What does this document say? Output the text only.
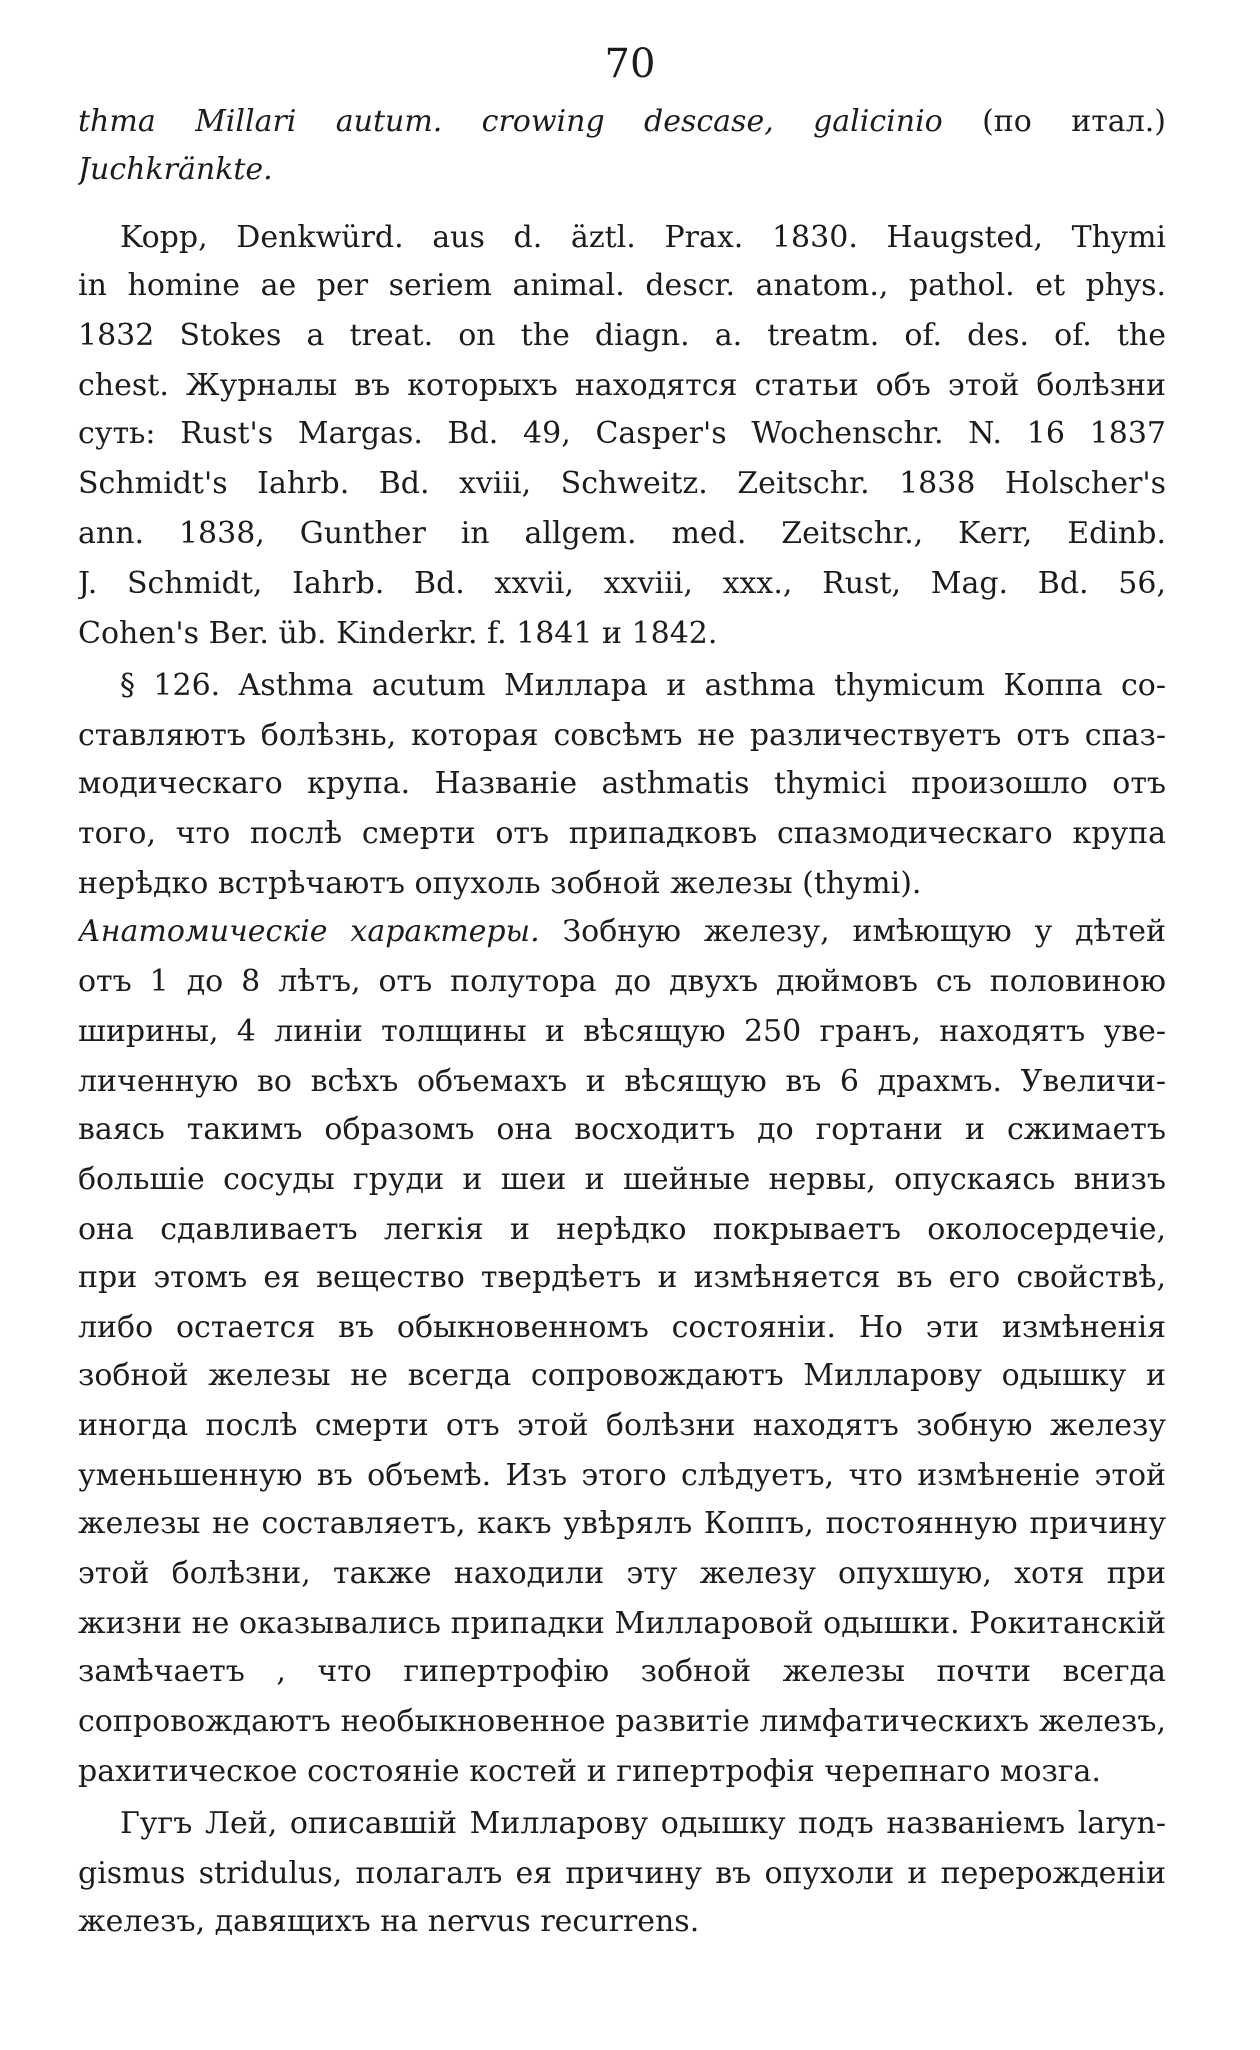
70
thma Millari autum. crowing descase, galicinio (по итал.)
Juchkränkte.
Kopp, Denkwürd. aus d. äztl. Prax. 1830. Haugsted, Thymi
in homine ae per seriem animal. descr. anatom., pathol. et phys.
1832 Stokes a treat. on the diagn. a. treatm. of. des. of. the
chest. Журналы въ которыхъ находятся статьи объ этой болѣзни
суть: Rust's Margas. Bd. 49, Casper's Wochenschr. N. 16 1837
Schmidt's Iahrb. Bd. xviii, Schweitz. Zeitschr. 1838 Holscher's
ann. 1838, Gunther in allgem. med. Zeitschr., Kerr, Edinb.
J. Schmidt, Iahrb. Bd. xxvii, xxviii, xxx., Rust, Mag. Bd. 56,
Cohen's Ber. üb. Kinderkr. f. 1841 и 1842.
§ 126. Asthma acutum Миллара и asthma thymicum Коппа со-
ставляютъ болѣзнь, которая совсѣмъ не различествуетъ отъ спаз-
модическаго крупа. Названіе asthmatis thymici произошло отъ
того, что послѣ смерти отъ припадковъ спазмодическаго крупа
нерѣдко встрѣчаютъ опухоль зобной железы (thymi).
Анатомическіе характеры. Зобную железу, имѣющую у дѣтей
отъ 1 до 8 лѣтъ, отъ полутора до двухъ дюймовъ съ половиною
ширины, 4 линіи толщины и вѣсящую 250 гранъ, находятъ уве-
личенную во всѣхъ объемахъ и вѣсящую въ 6 драхмъ. Увеличи-
ваясь такимъ образомъ она восходитъ до гортани и сжимаетъ
большіе сосуды груди и шеи и шейные нервы, опускаясь внизъ
она сдавливаетъ легкія и нерѣдко покрываетъ околосердечіе,
при этомъ ея вещество твердѣетъ и измѣняется въ его свойствѣ,
либо остается въ обыкновенномъ состояніи. Но эти измѣненія
зобной железы не всегда сопровождаютъ Милларову одышку и
иногда послѣ смерти отъ этой болѣзни находятъ зобную железу
уменьшенную въ объемѣ. Изъ этого слѣдуетъ, что измѣненіе этой
железы не составляетъ, какъ увѣрялъ Коппъ, постоянную причину
этой болѣзни, также находили эту железу опухшую, хотя при
жизни не оказывались припадки Милларовой одышки. Рокитанскій
замѣчаетъ , что гипертрофію зобной железы почти всегда
сопровождаютъ необыкновенное развитіе лимфатическихъ железъ,
рахитическое состояніе костей и гипертрофія черепнаго мозга.
Гугъ Лей, описавшій Милларову одышку подъ названіемъ laryn-
gismus stridulus, полагалъ ея причину въ опухоли и перерожденіи
железъ, давящихъ на nervus recurrens.
